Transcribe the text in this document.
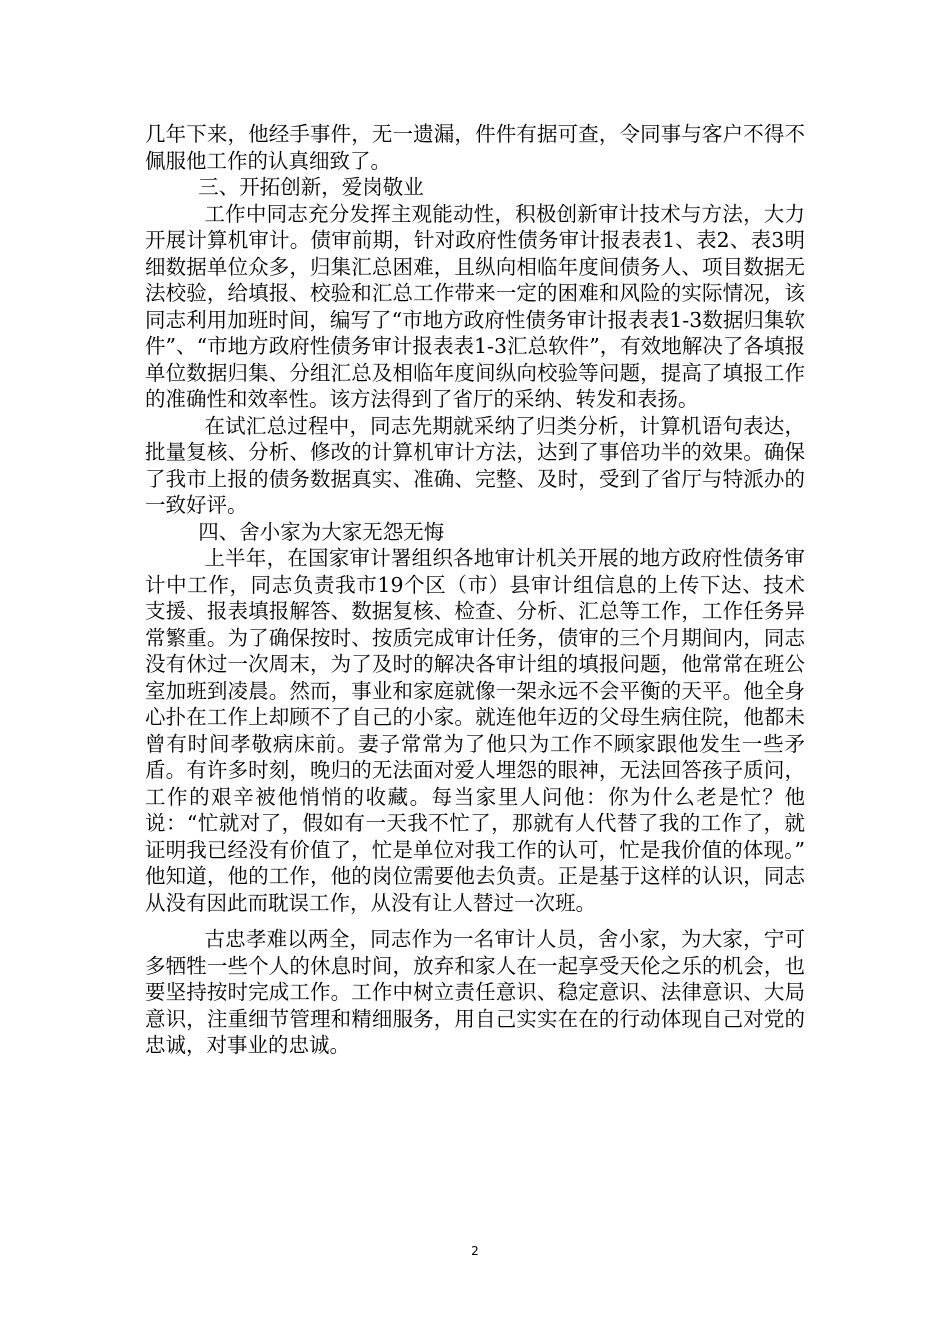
几年下来，他经手事件，无一遗漏，件件有据可查，令同事与客户不得不佩服他工作的认真细致了。

三、开拓创新，爱岗敬业

工作中同志充分发挥主观能动性，积极创新审计技术与方法，大力开展计算机审计。债审前期，针对政府性债务审计报表表1、表2、表3明细数据单位众多，归集汇总困难，且纵向相临年度间债务人、项目数据无法校验，给填报、校验和汇总工作带来一定的困难和风险的实际情况，该同志利用加班时间，编写了“市地方政府性债务审计报表表1-3数据归集软件”、“市地方政府性债务审计报表表1-3汇总软件”，有效地解决了各填报单位数据归集、分组汇总及相临年度间纵向校验等问题，提高了填报工作的准确性和效率性。该方法得到了省厅的采纳、转发和表扬。

在试汇总过程中，同志先期就采纳了归类分析，计算机语句表达，批量复核、分析、修改的计算机审计方法，达到了事倍功半的效果。确保了我市上报的债务数据真实、准确、完整、及时，受到了省厅与特派办的一致好评。

四、舍小家为大家无怨无悔

上半年，在国家审计署组织各地审计机关开展的地方政府性债务审计中工作，同志负责我市19个区（市）县审计组信息的上传下达、技术支援、报表填报解答、数据复核、检查、分析、汇总等工作，工作任务异常繁重。为了确保按时、按质完成审计任务，债审的三个月期间内，同志没有休过一次周末，为了及时的解决各审计组的填报问题，他常常在班公室加班到凌晨。然而，事业和家庭就像一架永远不会平衡的天平。他全身心扑在工作上却顾不了自己的小家。就连他年迈的父母生病住院，他都未曾有时间孝敬病床前。妻子常常为了他只为工作不顾家跟他发生一些矛盾。有许多时刻，晚归的无法面对爱人埋怨的眼神，无法回答孩子质问，工作的艰辛被他悄悄的收藏。每当家里人问他：你为什么老是忙？他说：“忙就对了，假如有一天我不忙了，那就有人代替了我的工作了，就证明我已经没有价值了，忙是单位对我工作的认可，忙是我价值的体现。” 他知道，他的工作，他的岗位需要他去负责。正是基于这样的认识，同志从没有因此而耽误工作，从没有让人替过一次班。

古忠孝难以两全，同志作为一名审计人员，舍小家，为大家，宁可多牺牲一些个人的休息时间，放弃和家人在一起享受天伦之乐的机会，也要坚持按时完成工作。工作中树立责任意识、稳定意识、法律意识、大局意识，注重细节管理和精细服务，用自己实实在在的行动体现自己对党的忠诚，对事业的忠诚。

2
